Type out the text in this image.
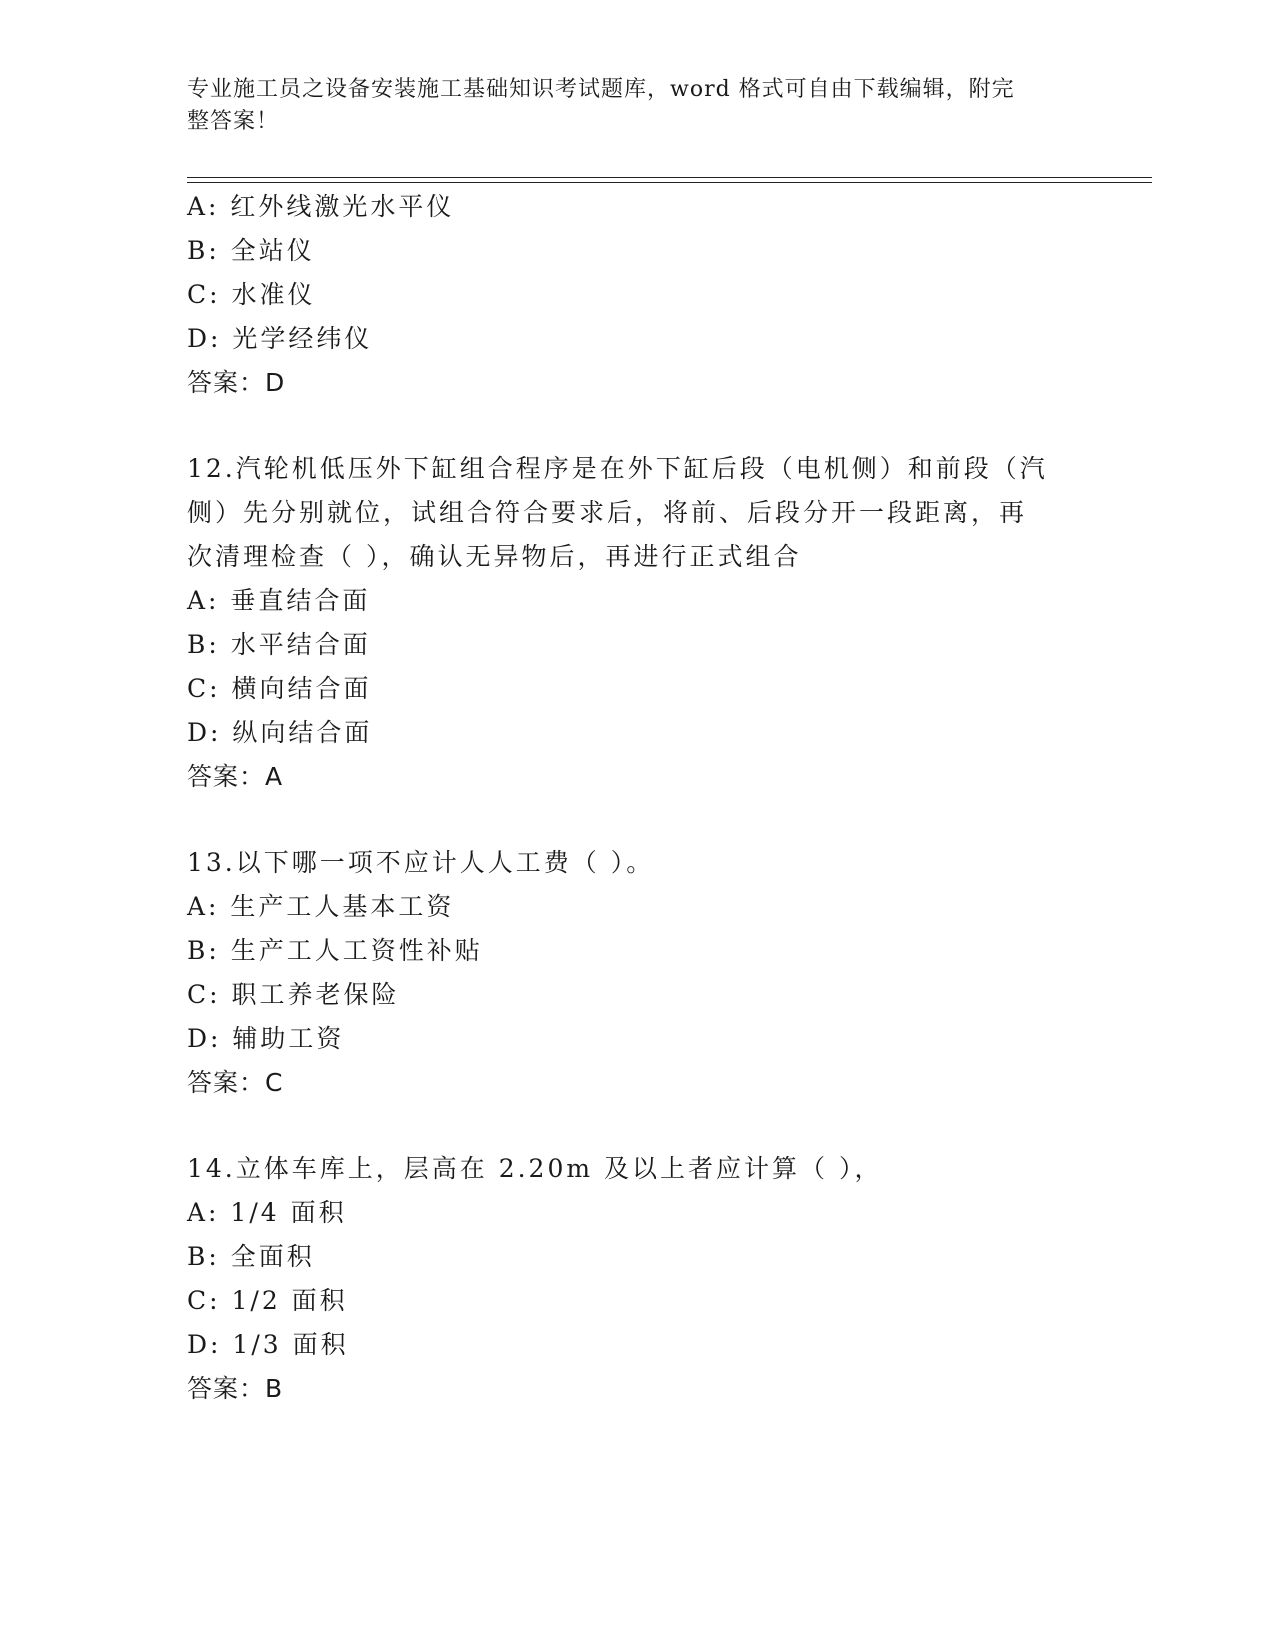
专业施工员之设备安装施工基础知识考试题库，word 格式可自由下载编辑，附完
整答案！
A: 红外线激光水平仪
B: 全站仪
C: 水准仪
D: 光学经纬仪
答案：D
12.汽轮机低压外下缸组合程序是在外下缸后段（电机侧）和前段（汽
侧）先分别就位，试组合符合要求后，将前、后段分开一段距离，再
次清理检查（ ），确认无异物后，再进行正式组合
A: 垂直结合面
B: 水平结合面
C: 横向结合面
D: 纵向结合面
答案：A
13.以下哪一项不应计人人工费（ ）。
A: 生产工人基本工资
B: 生产工人工资性补贴
C: 职工养老保险
D: 辅助工资
答案：C
14.立体车库上，层高在 2.20m 及以上者应计算（ ），
A: 1/4 面积
B: 全面积
C: 1/2 面积
D: 1/3 面积
答案：B
